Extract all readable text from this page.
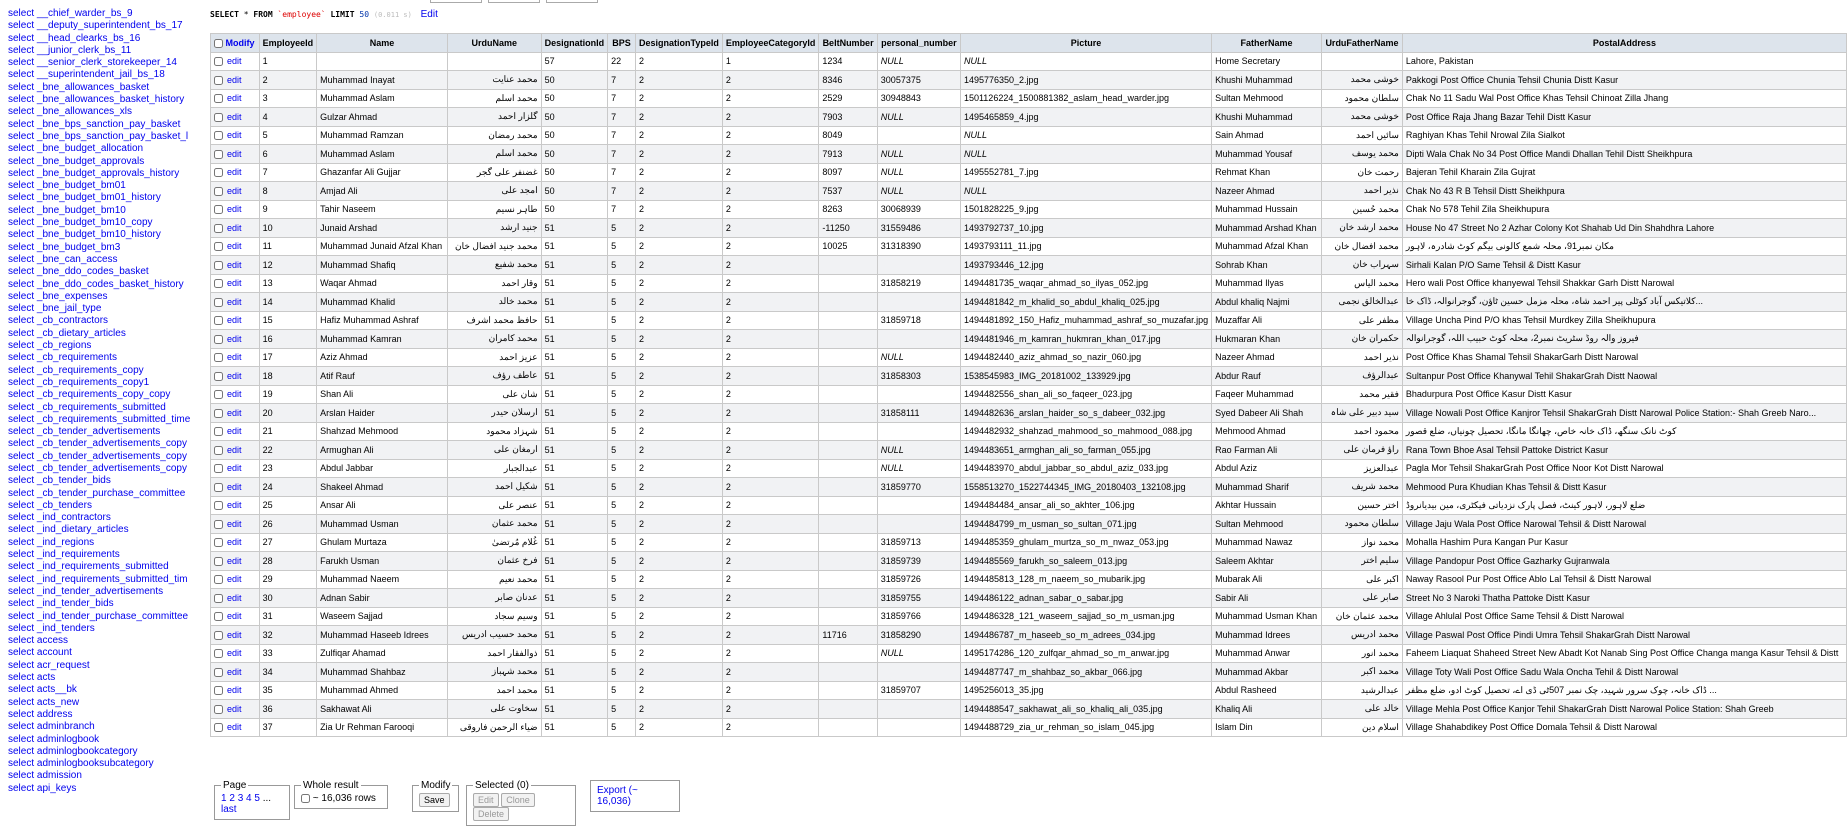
select __chief_warder_bs_9
select __deputy_superintendent_bs_17
select __head_clearks_bs_16
select __junior_clerk_bs_11
select __senior_clerk_storekeeper_14
select __superintendent_jail_bs_18
select _bne_allowances_basket
select _bne_allowances_basket_history
select _bne_allowances_xls
select _bne_bps_sanction_pay_basket
select _bne_bps_sanction_pay_basket_l
select _bne_budget_allocation
select _bne_budget_approvals
select _bne_budget_approvals_history
select _bne_budget_bm01
select _bne_budget_bm01_history
select _bne_budget_bm10
select _bne_budget_bm10_copy
select _bne_budget_bm10_history
select _bne_budget_bm3
select _bne_can_access
select _bne_ddo_codes_basket
select _bne_ddo_codes_basket_history
select _bne_expenses
select _bne_jail_type
select _cb_contractors
select _cb_dietary_articles
select _cb_regions
select _cb_requirements
select _cb_requirements_copy
select _cb_requirements_copy1
select _cb_requirements_copy_copy
select _cb_requirements_submitted
select _cb_requirements_submitted_time
select _cb_tender_advertisements
select _cb_tender_advertisements_copy
select _cb_tender_advertisements_copy
select _cb_tender_advertisements_copy
select _cb_tender_bids
select _cb_tender_purchase_committee
select _cb_tenders
select _ind_contractors
select _ind_dietary_articles
select _ind_regions
select _ind_requirements
select _ind_requirements_submitted
select _ind_requirements_submitted_tim
select _ind_tender_advertisements
select _ind_tender_bids
select _ind_tender_purchase_committee
select _ind_tenders
select access
select account
select acr_request
select acts
select acts__bk
select acts_new
select address
select adminbranch
select adminlogbook
select adminlogbookcategory
select adminlogbooksubcategory
select admission
select api_keys
SELECT * FROM `employee` LIMIT 50 (0.011 s) Edit
Modify	EmployeeId	Name	UrduName	DesignationId	BPS	DesignationTypeId	EmployeeCategoryId	BeltNumber	personal_number	Picture	FatherName	UrduFatherName	PostalAddress
edit	1			57	22	2	1	1234	NULL	NULL	Home Secretary		Lahore, Pakistan
edit	2	Muhammad Inayat	محمد عنایت	50	7	2	2	8346	30057375	1495776350_2.jpg	Khushi Muhammad	خوشی محمد	Pakkogi Post Office Chunia Tehsil Chunia Distt Kasur
edit	3	Muhammad Aslam	محمد اسلم	50	7	2	2	2529	30948843	1501126224_1500881382_aslam_head_warder.jpg	Sultan Mehmood	سلطان محمود	Chak No 11 Sadu Wal Post Office Khas Tehsil Chinoat Zilla Jhang
edit	4	Gulzar Ahmad	گلزار احمد	50	7	2	2	7903	NULL	1495465859_4.jpg	Khushi Muhammad	خوشی محمد	Post Office Raja Jhang Bazar Tehil Distt Kasur
edit	5	Muhammad Ramzan	محمد رمضان	50	7	2	2	8049		NULL	Sain Ahmad	سائیں احمد	Raghiyan Khas Tehil Nrowal Zila Sialkot
edit	6	Muhammad Aslam	محمد اسلم	50	7	2	2	7913	NULL	NULL	Muhammad Yousaf	محمد یوسف	Dipti Wala Chak No 34 Post Office Mandi Dhallan Tehil Distt Sheikhpura
edit	7	Ghazanfar Ali Gujjar	غضنفر علی گجر	50	7	2	2	8097	NULL	1495552781_7.jpg	Rehmat Khan	رحمت خان	Bajeran Tehil Kharain Zila Gujrat
edit	8	Amjad Ali	امجد علی	50	7	2	2	7537	NULL	NULL	Nazeer Ahmad	نذیر احمد	Chak No 43 R B Tehsil Distt Sheikhpura
edit	9	Tahir Naseem	طاہر نسیم	50	7	2	2	8263	30068939	1501828225_9.jpg	Muhammad Hussain	محمد حُسین	Chak No 578 Tehil Zila Sheikhupura
edit	10	Junaid Arshad	جنید ارشد	51	5	2	2	-11250	31559486	1493792737_10.jpg	Muhammad Arshad Khan	محمد ارشد خان	House No 47 Street No 2 Azhar Colony Kot Shahab Ud Din Shahdhra Lahore
edit	11	Muhammad Junaid Afzal Khan	محمد جنید افضال خان	51	5	2	2	10025	31318390	1493793111_11.jpg	Muhammad Afzal Khan	محمد افضال خان	مکان نمبر91، محلہ شمع کالونی بیگم کوٹ شادرہ، لاہور
edit	12	Muhammad Shafiq	محمد شفیع	51	5	2	2			1493793446_12.jpg	Sohrab Khan	سہراب خان	Sirhali Kalan P/O Same Tehsil & Distt Kasur
edit	13	Waqar Ahmad	وقار احمد	51	5	2	2		31858219	1494481735_waqar_ahmad_so_ilyas_052.jpg	Muhammad Ilyas	محمد الیاس	Hero wali Post Office khanyewal Tehsil Shakkar Garh Distt Narowal
edit	14	Muhammad Khalid	محمد خالد	51	5	2	2			1494481842_m_khalid_so_abdul_khaliq_025.jpg	Abdul khaliq Najmi	عبدالخالق نجمی	کلاتیکس آباد کوٹلی پیر احمد شاہ، محلہ مزمل حسین ٹاؤن، گوجرانوالہ، ڈاک خا...
edit	15	Hafiz Muhammad Ashraf	حافظ محمد اشرف	51	5	2	2		31859718	1494481892_150_Hafiz_muhammad_ashraf_so_muzafar.jpg	Muzaffar Ali	مظفر علی	Village Uncha Pind P/O khas Tehsil Murdkey Zilla Sheikhupura
edit	16	Muhammad Kamran	محمد کامران	51	5	2	2			1494481946_m_kamran_hukmran_khan_017.jpg	Hukmaran Khan	حکمران خان	فیروز والہ روڈ سٹریٹ نمبر2، محلہ کوٹ حبیب اللہ، گوجرانوالہ
edit	17	Aziz Ahmad	عزیز احمد	51	5	2	2		NULL	1494482440_aziz_ahmad_so_nazir_060.jpg	Nazeer Ahmad	نذیر احمد	Post Office Khas Shamal Tehsil ShakarGarh Distt Narowal
edit	18	Atif Rauf	عاطف رؤف	51	5	2	2		31858303	1538545983_IMG_20181002_133929.jpg	Abdur Rauf	عبدالرؤف	Sultanpur Post Office Khanywal Tehil ShakarGrah Distt Naowal
edit	19	Shan Ali	شان علی	51	5	2	2			1494482556_shan_ali_so_faqeer_023.jpg	Faqeer Muhammad	فقیر محمد	Bhadurpura Post Office Kasur Distt Kasur
edit	20	Arslan Haider	ارسلان حیدر	51	5	2	2		31858111	1494482636_arslan_haider_so_s_dabeer_032.jpg	Syed Dabeer Ali Shah	سید دبیر علی شاہ	Village Nowali Post Office Kanjror Tehsil ShakarGrah Distt Narowal Police Station:- Shah Greeb Naro...
edit	21	Shahzad Mehmood	شہزاد محمود	51	5	2	2			1494482932_shahzad_mahmood_so_mahmood_088.jpg	Mehmood Ahmad	محمود احمد	کوٹ نانک سنگھ، ڈاک خانہ خاص، چھانگا مانگا، تحصیل چونیاں، ضلع قصور
edit	22	Armughan Ali	ارمغان علی	51	5	2	2		NULL	1494483651_armghan_ali_so_farman_055.jpg	Rao Farman Ali	راؤ فرمان علی	Rana Town Bhoe Asal Tehsil Pattoke District Kasur
edit	23	Abdul Jabbar	عبدالجبار	51	5	2	2		NULL	1494483970_abdul_jabbar_so_abdul_aziz_033.jpg	Abdul Aziz	عبدالعزیز	Pagla Mor Tehsil ShakarGrah Post Office Noor Kot Distt Narowal
edit	24	Shakeel Ahmad	شکیل احمد	51	5	2	2		31859770	1558513270_1522744345_IMG_20180403_132108.jpg	Muhammad Sharif	محمد شریف	Mehmood Pura Khudian Khas Tehsil & Distt Kasur
edit	25	Ansar Ali	عنصر علی	51	5	2	2			1494484484_ansar_ali_so_akhter_106.jpg	Akhtar Hussain	اختر حسین	ضلع لاہور، لاہور کینٹ، فصل پارک نزدیاتی فیکٹری، مین بیدیانروڈ
edit	26	Muhammad Usman	محمد عثمان	51	5	2	2			1494484799_m_usman_so_sultan_071.jpg	Sultan Mehmood	سلطان محمود	Village Jaju Wala Post Office Narowal Tehsil & Distt Narowal
edit	27	Ghulam Murtaza	غُلام مُرتضیٰ	51	5	2	2		31859713	1494485359_ghulam_murtza_so_m_nwaz_053.jpg	Muhammad Nawaz	محمد نواز	Mohalla Hashim Pura Kangan Pur Kasur
edit	28	Farukh Usman	فرخ عثمان	51	5	2	2		31859739	1494485569_farukh_so_saleem_013.jpg	Saleem Akhtar	سلیم اختر	Village Pandopur Post Office Gazharky Gujranwala
edit	29	Muhammad Naeem	محمد نعیم	51	5	2	2		31859726	1494485813_128_m_naeem_so_mubarik.jpg	Mubarak Ali	اکبر علی	Naway Rasool Pur Post Office Ablo Lal Tehsil & Distt Narowal
edit	30	Adnan Sabir	عدنان صابر	51	5	2	2		31859755	1494486122_adnan_sabar_o_sabar.jpg	Sabir Ali	صابر علی	Street No 3 Naroki Thatha Pattoke Distt Kasur
edit	31	Waseem Sajjad	وسیم سجاد	51	5	2	2		31859766	1494486328_121_waseem_sajjad_so_m_usman.jpg	Muhammad Usman Khan	محمد عثمان خان	Village Ahlulal Post Office Same Tehsil & Distt Narowal
edit	32	Muhammad Haseeb Idrees	محمد حسیب ادریس	51	5	2	2	11716	31858290	1494486787_m_haseeb_so_m_adrees_034.jpg	Muhammad Idrees	محمد ادریس	Village Paswal Post Office Pindi Umra Tehsil ShakarGrah Distt Narowal
edit	33	Zulfiqar Ahamad	ذوالفقار احمد	51	5	2	2		NULL	1495174286_120_zulfqar_ahmad_so_m_anwar.jpg	Muhammad Anwar	محمد انور	Faheem Liaquat Shaheed Street New Abadt Kot Nanab Sing Post Office Changa manga Kasur Tehsil & Distt
edit	34	Muhammad Shahbaz	محمد شہباز	51	5	2	2			1494487747_m_shahbaz_so_akbar_066.jpg	Muhammad Akbar	محمد اکبر	Village Toty Wali Post Office Sadu Wala Oncha Tehil & Distt Narowal
edit	35	Muhammad Ahmed	محمد احمد	51	5	2	2		31859707	1495256013_35.jpg	Abdul Rasheed	عبدالرشید	ڈاک خانہ، چوک سرور شہید، چک نمبر 507ٹی ڈی اے، تحصیل کوٹ ادو، ضلع مظفر ...
edit	36	Sakhawat Ali	سخاوت علی	51	5	2	2			1494488547_sakhawat_ali_so_khaliq_ali_035.jpg	Khaliq Ali	خالد علی	Village Mehla Post Office Kanjor Tehil ShakarGrah Distt Narowal Police Station: Shah Greeb
edit	37	Zia Ur Rehman Farooqi	ضیاء الرحمن فاروقی	51	5	2	2			1494488729_zia_ur_rehman_so_islam_045.jpg	Islam Din	اسلام دین	Village Shahabdikey Post Office Domala Tehsil & Distt Narowal
Page
1 2 3 4 5 ... last
Whole result
~ 16,036 rows
Modify
Save
Selected (0)
Edit Clone Delete
Export (~ 16,036)
